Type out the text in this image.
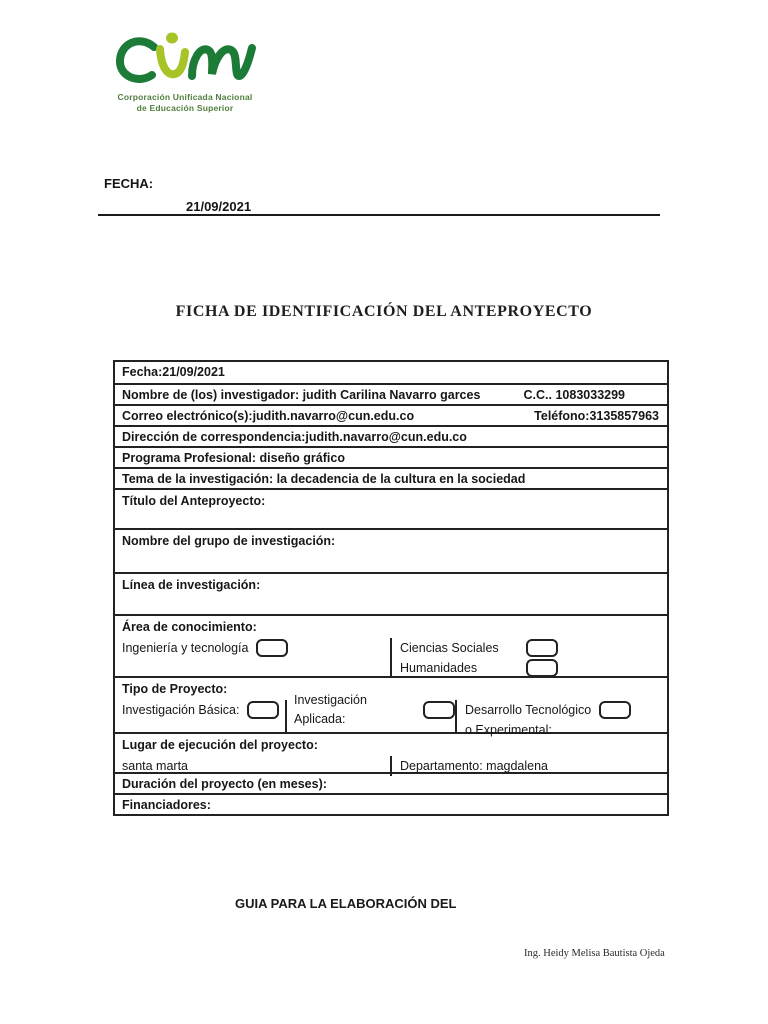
Corporación Unificada Nacional
de Educación Superior
FECHA:
21/09/2021
FICHA DE IDENTIFICACIÓN DEL ANTEPROYECTO
Fecha:21/09/2021
Nombre de (los) investigador: judith Carilina Navarro garces	C.C.. 1083033299
Correo electrónico(s):judith.navarro@cun.edu.co	Teléfono:3135857963
Dirección de correspondencia:judith.navarro@cun.edu.co
Programa Profesional: diseño gráfico
Tema de la investigación: la decadencia de la cultura en la sociedad
Título del Anteproyecto:
Nombre del grupo de investigación:
Línea de investigación:
Área de conocimiento:
Ingeniería y tecnología	Ciencias Sociales
Humanidades
Tipo de Proyecto:
Investigación Básica:
Investigación Aplicada:
Desarrollo Tecnológico
o Experimental:
Lugar de ejecución del proyecto:
santa marta	Departamento: magdalena
Duración del proyecto (en meses):
Financiadores:
GUIA PARA LA ELABORACIÓN DEL
Ing. Heidy Melisa Bautista Ojeda
